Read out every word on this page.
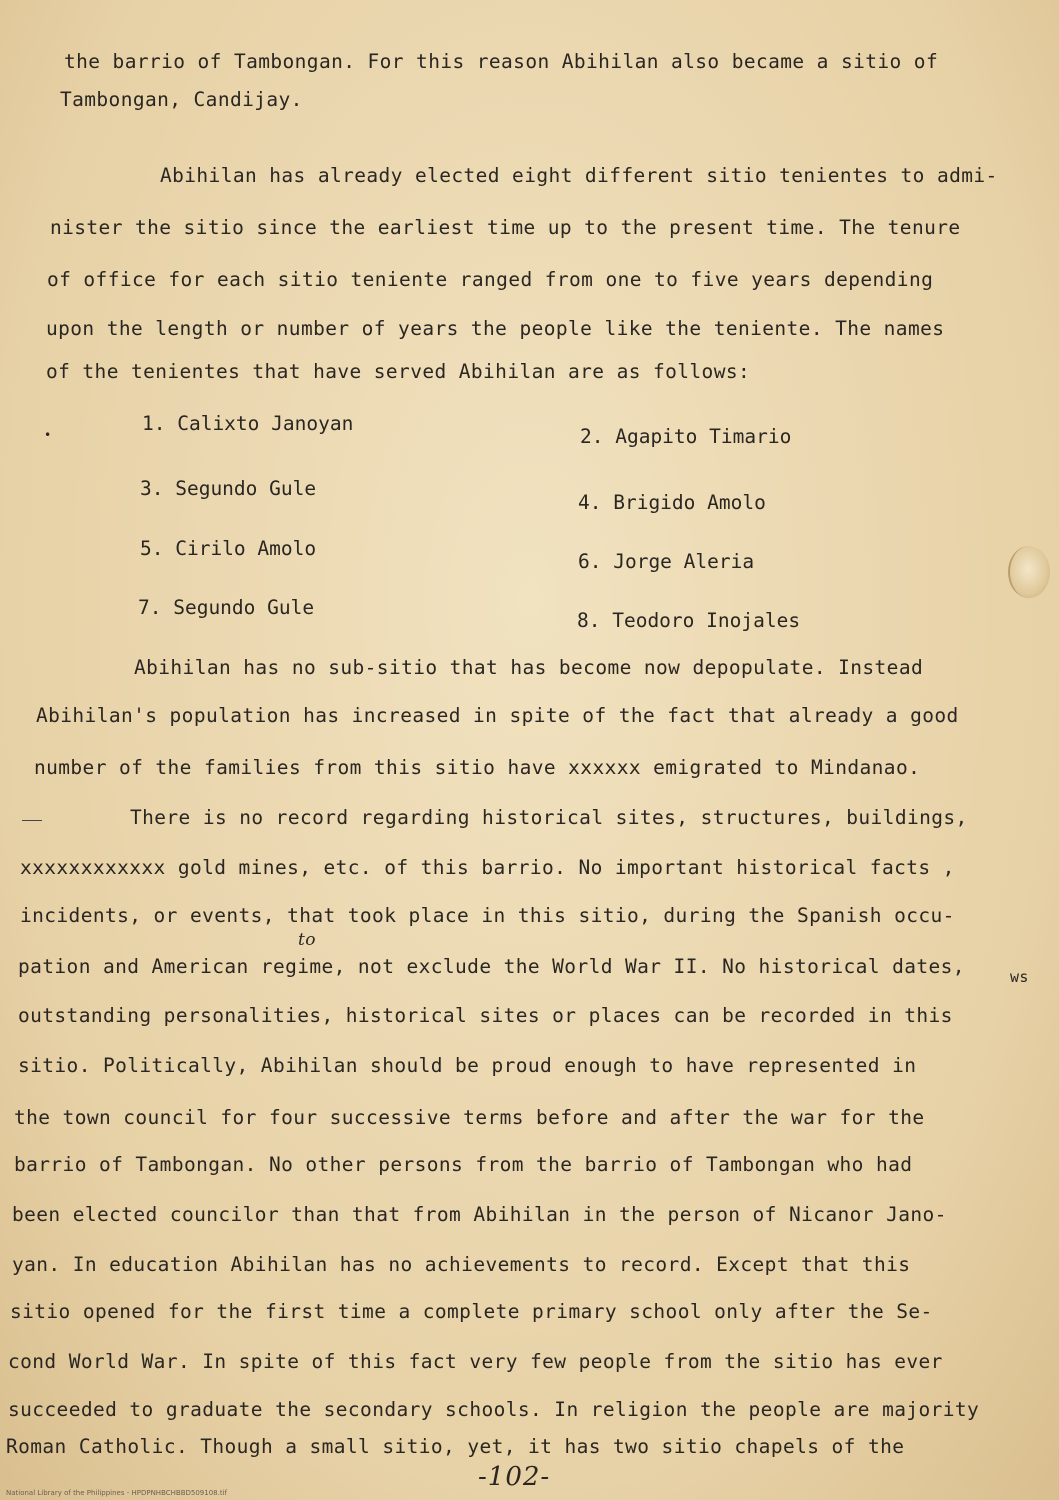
the barrio of Tambongan. For this reason Abihilan also became a sitio of
Tambongan, Candijay.
Abihilan has already elected eight different sitio tenientes to admi-
nister the sitio since the earliest time up to the present time. The tenure
of office for each sitio teniente ranged from one to five years depending
upon the length or number of years the people like the teniente. The names
of the tenientes that have served Abihilan are as follows:
•	1. Calixto Janoyan
2. Agapito Timario
3. Segundo Gule
4. Brigido Amolo
5. Cirilo Amolo
6. Jorge Aleria
7. Segundo Gule
8. Teodoro Inojales
Abihilan has no sub-sitio that has become now depopulate. Instead
Abihilan's population has increased in spite of the fact that already a good
number of the families from this sitio have xxxxxx emigrated to Mindanao.
There is no record regarding historical sites, structures, buildings,
xxxxxxxxxxxx gold mines, etc. of this barrio. No important historical facts ,
incidents, or events, that took place in this sitio, during the Spanish occu-
pation and American regime, not exclude the World War II. No historical dates,
to
ws
outstanding personalities, historical sites or places can be recorded in this
sitio. Politically, Abihilan should be proud enough to have represented in
the town council for four successive terms before and after the war for the
barrio of Tambongan. No other persons from the barrio of Tambongan who had
been elected councilor than that from Abihilan in the person of Nicanor Jano-
yan. In education Abihilan has no achievements to record. Except that this
sitio opened for the first time a complete primary school only after the Se-
cond World War. In spite of this fact very few people from the sitio has ever
succeeded to graduate the secondary schools. In religion the people are majority
Roman Catholic. Though a small sitio, yet, it has two sitio chapels of the
-102-
National Library of the Philippines - HPDPNHBCHBBD509108.tif
